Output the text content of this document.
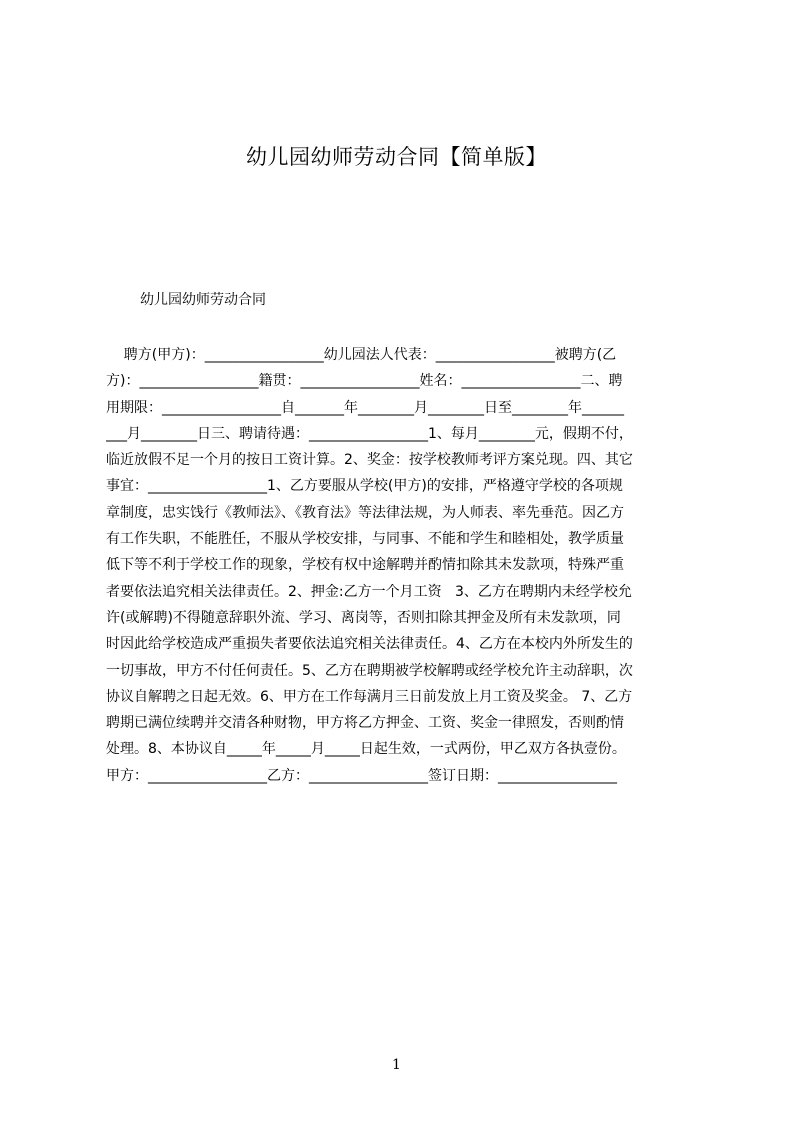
幼儿园幼师劳动合同【简单版】
幼儿园幼师劳动合同
聘方(甲方)：_________________幼儿园法人代表：_________________被聘方(乙
方)：_________________籍贯：_________________姓名：_________________二、聘
用期限：_________________自_______年________月________日至________年______
___月________日三、聘请待遇：_________________1、每月________元，假期不付，
临近放假不足一个月的按日工资计算。2、奖金：按学校教师考评方案兑现。四、其它
事宜：_________________1、乙方要服从学校(甲方)的安排，严格遵守学校的各项规
章制度，忠实饯行《教师法》、《教育法》等法律法规，为人师表、率先垂范。因乙方
有工作失职，不能胜任，不服从学校安排，与同事、不能和学生和睦相处，教学质量
低下等不利于学校工作的现象，学校有权中途解聘并酌情扣除其未发款项，特殊严重
者要依法追究相关法律责任。2、押金:乙方一个月工资   3、乙方在聘期内未经学校允
许(或解聘)不得随意辞职外流、学习、离岗等，否则扣除其押金及所有未发款项，同
时因此给学校造成严重损失者要依法追究相关法律责任。4、乙方在本校内外所发生的
一切事故，甲方不付任何责任。5、乙方在聘期被学校解聘或经学校允许主动辞职，次
协议自解聘之日起无效。6、甲方在工作每满月三日前发放上月工资及奖金。 7、乙方
聘期已满位续聘并交清各种财物，甲方将乙方押金、工资、奖金一律照发，否则酌情
处理。8、本协议自_____年_____月_____日起生效，一式两份，甲乙双方各执壹份。
甲方：_________________乙方：_________________签订日期：_________________
1
